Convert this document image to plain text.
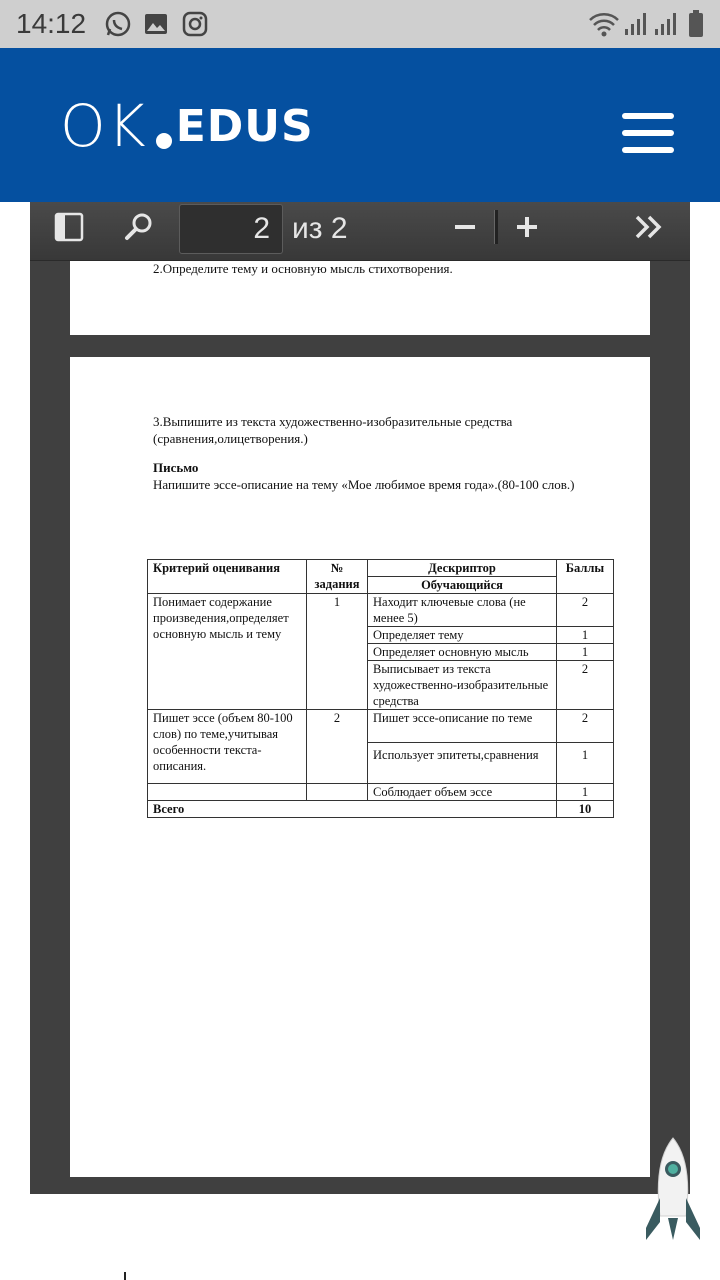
14:12
OK EDUS
2.Определите тему и основную мысль стихотворения.
3.Выпишите из текста художественно-изобразительные средства
(сравнения,олицетворения.)
Письмо
Напишите эссе-описание на тему «Мое любимое время года».(80-100 слов.)
Критерий оценивания	№ задания	Дескриптор	Баллы
		Обучающийся	
Понимает содержание произведения,определяет основную мысль и тему	1	Находит ключевые слова (не менее 5)	2
		Определяет тему	1
		Определяет основную мысль	1
		Выписывает из текста художественно-изобразительные средства	2
Пишет эссе (объем 80-100 слов) по теме,учитывая особенности текста-описания.	2	Пишет эссе-описание по теме	2
		Использует эпитеты,сравнения	1
		Соблюдает объем эссе	1
Всего			10
2 из 2
